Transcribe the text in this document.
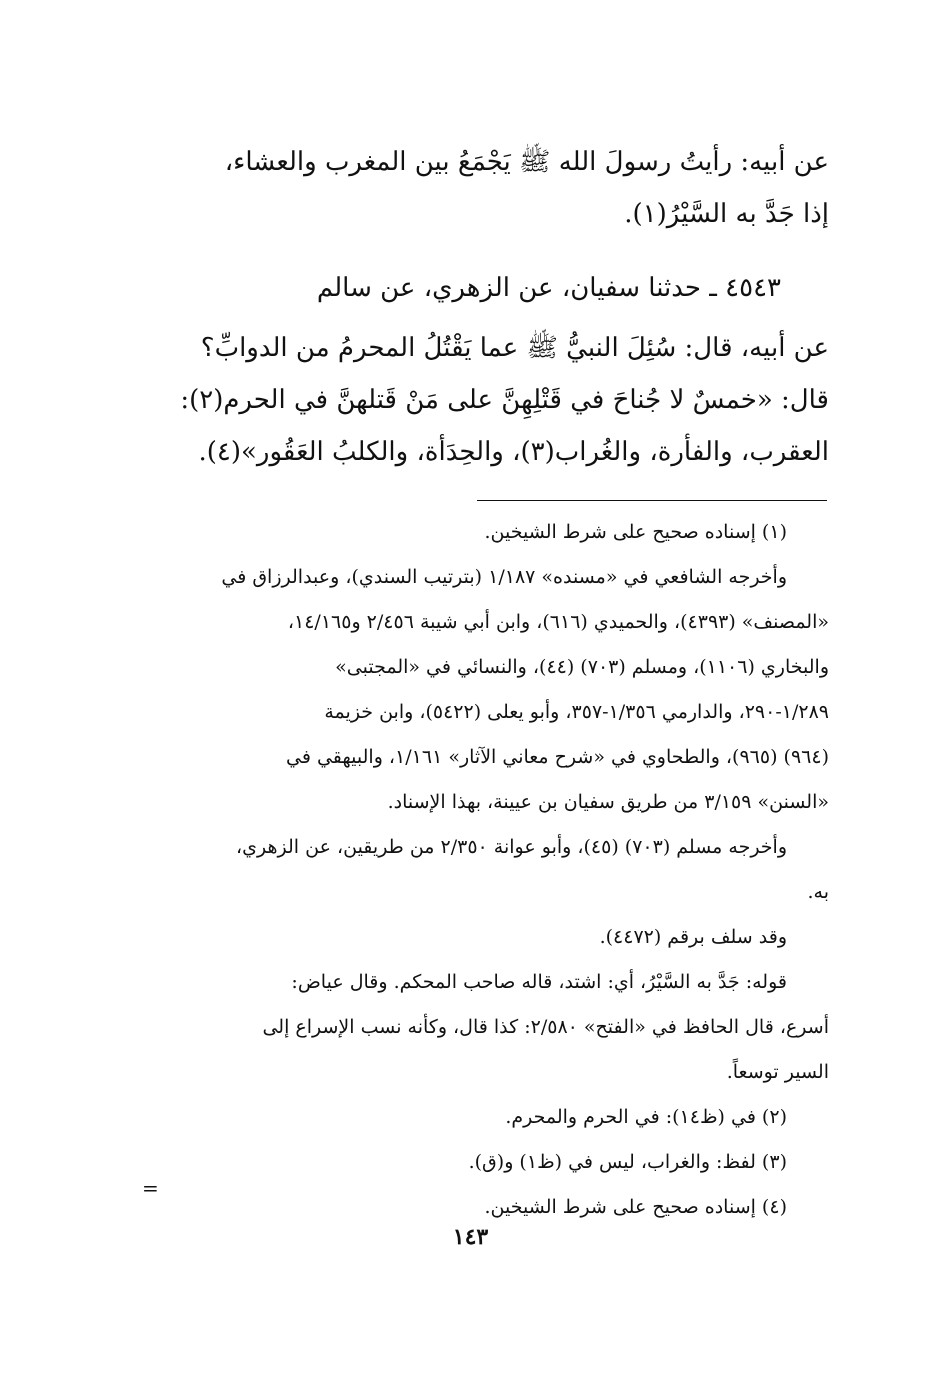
عن أبيه: رأيتُ رسولَ الله ﷺ يَجْمَعُ بين المغرب والعشاء،
إذا جَدَّ به السَّيْرُ(١).
٤٥٤٣ ـ حدثنا سفيان، عن الزهري، عن سالم
عن أبيه، قال: سُئِلَ النبيُّ ﷺ عما يَقْتُلُ المحرمُ من الدوابِّ؟
قال: «خمسٌ لا جُناحَ في قَتْلِهِنَّ على مَنْ قَتلهنَّ في الحرم(٢):
العقرب، والفأرة، والغُراب(٣)، والحِدَأة، والكلبُ العَقُور»(٤).
(١) إسناده صحيح على شرط الشيخين.
وأخرجه الشافعي في «مسنده» ١/١٨٧ (بترتيب السندي)، وعبدالرزاق في
«المصنف» (٤٣٩٣)، والحميدي (٦١٦)، وابن أبي شيبة ٢/٤٥٦ و١٤/١٦٥،
والبخاري (١١٠٦)، ومسلم (٧٠٣) (٤٤)، والنسائي في «المجتبى»
١/٢٨٩-٢٩٠، والدارمي ١/٣٥٦-٣٥٧، وأبو يعلى (٥٤٢٢)، وابن خزيمة
(٩٦٤) (٩٦٥)، والطحاوي في «شرح معاني الآثار» ١/١٦١، والبيهقي في
«السنن» ٣/١٥٩ من طريق سفيان بن عيينة، بهذا الإسناد.
وأخرجه مسلم (٧٠٣) (٤٥)، وأبو عوانة ٢/٣٥٠ من طريقين، عن الزهري،
به.
وقد سلف برقم (٤٤٧٢).
قوله: جَدَّ به السَّيْرُ، أي: اشتد، قاله صاحب المحكم. وقال عياض:
أسرع، قال الحافظ في «الفتح» ٢/٥٨٠: كذا قال، وكأنه نسب الإسراع إلى
السير توسعاً.
(٢) في (ظ١٤): في الحرم والمحرم.
(٣) لفظ: والغراب، ليس في (ظ١) و(ق).
(٤) إسناده صحيح على شرط الشيخين.
=
١٤٣
